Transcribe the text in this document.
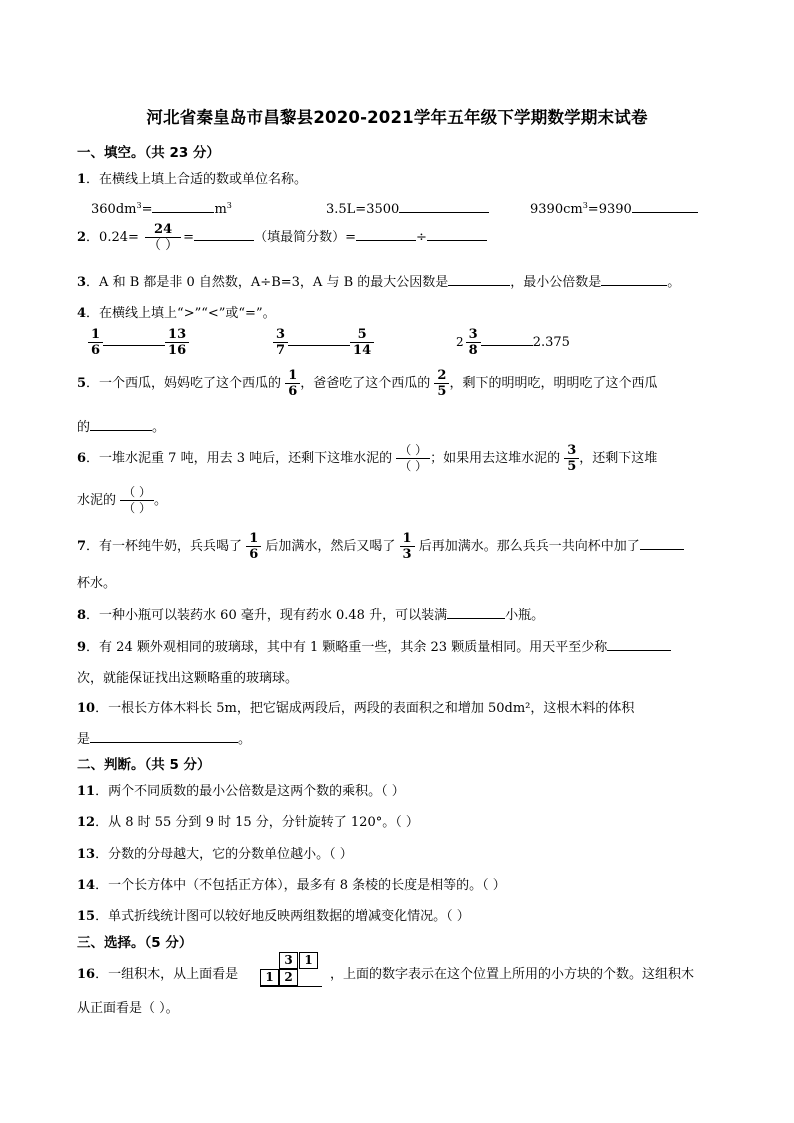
河北省秦皇岛市昌黎县2020-2021学年五年级下学期数学期末试卷
一、填空。（共 23 分）
1．在横线上填上合适的数或单位名称。
$360dm^3=$	$m^3$	3.5L=3500	$9390cm^3=9390$
2．$0.24= \frac{24}{( )}$ =	（填最简分数）=	÷
3．A 和 B 都是非 0 自然数，A÷B=3，A 与 B 的最大公因数是	，最小公倍数是	。
4．在横线上填上“>”“<”或“=”。
$\frac{1}{6}$	$\frac{13}{16}$	$\frac{3}{7}$	$\frac{5}{14}$	$2 \frac{3}{8}$	2.375
5．一个西瓜，妈妈吃了这个西瓜的 $\frac{1}{6}$ ，爸爸吃了这个西瓜的 $\frac{2}{5}$ ，剩下的明明吃，明明吃了这个西瓜
的	。
6．一堆水泥重 7 吨，用去 3 吨后，还剩下这堆水泥的 $\frac{( )}{( )}$ ；如果用去这堆水泥的 $\frac{3}{5}$ ，还剩下这堆
水泥的 $\frac{( )}{( )}$ 。
7．有一杯纯牛奶，兵兵喝了 $\frac{1}{6}$ 后加满水，然后又喝了 $\frac{1}{3}$ 后再加满水。那么兵兵一共向杯中加了
杯水。
8．一种小瓶可以装药水 60 毫升，现有药水 0.48 升，可以装满	小瓶。
9．有 24 颗外观相同的玻璃球，其中有 1 颗略重一些，其余 23 颗质量相同。用天平至少称
次，就能保证找出这颗略重的玻璃球。
10．一根长方体木料长 5m，把它锯成两段后，两段的表面积之和增加 50dm²，这根木料的体积
是	。
二、判断。（共 5 分）
11．两个不同质数的最小公倍数是这两个数的乘积。（ ）
12．从 8 时 55 分到 9 时 15 分，分针旋转了 120°。（ ）
13．分数的分母越大，它的分数单位越小。（ ）
14．一个长方体中（不包括正方体），最多有 8 条棱的长度是相等的。（ ）
15．单式折线统计图可以较好地反映两组数据的增减变化情况。（ ）
三、选择。（5 分）
16．一组积木，从上面看是
3 1
1 2	，上面的数字表示在这个位置上所用的小方块的个数。这组积木
从正面看是（ ）。
